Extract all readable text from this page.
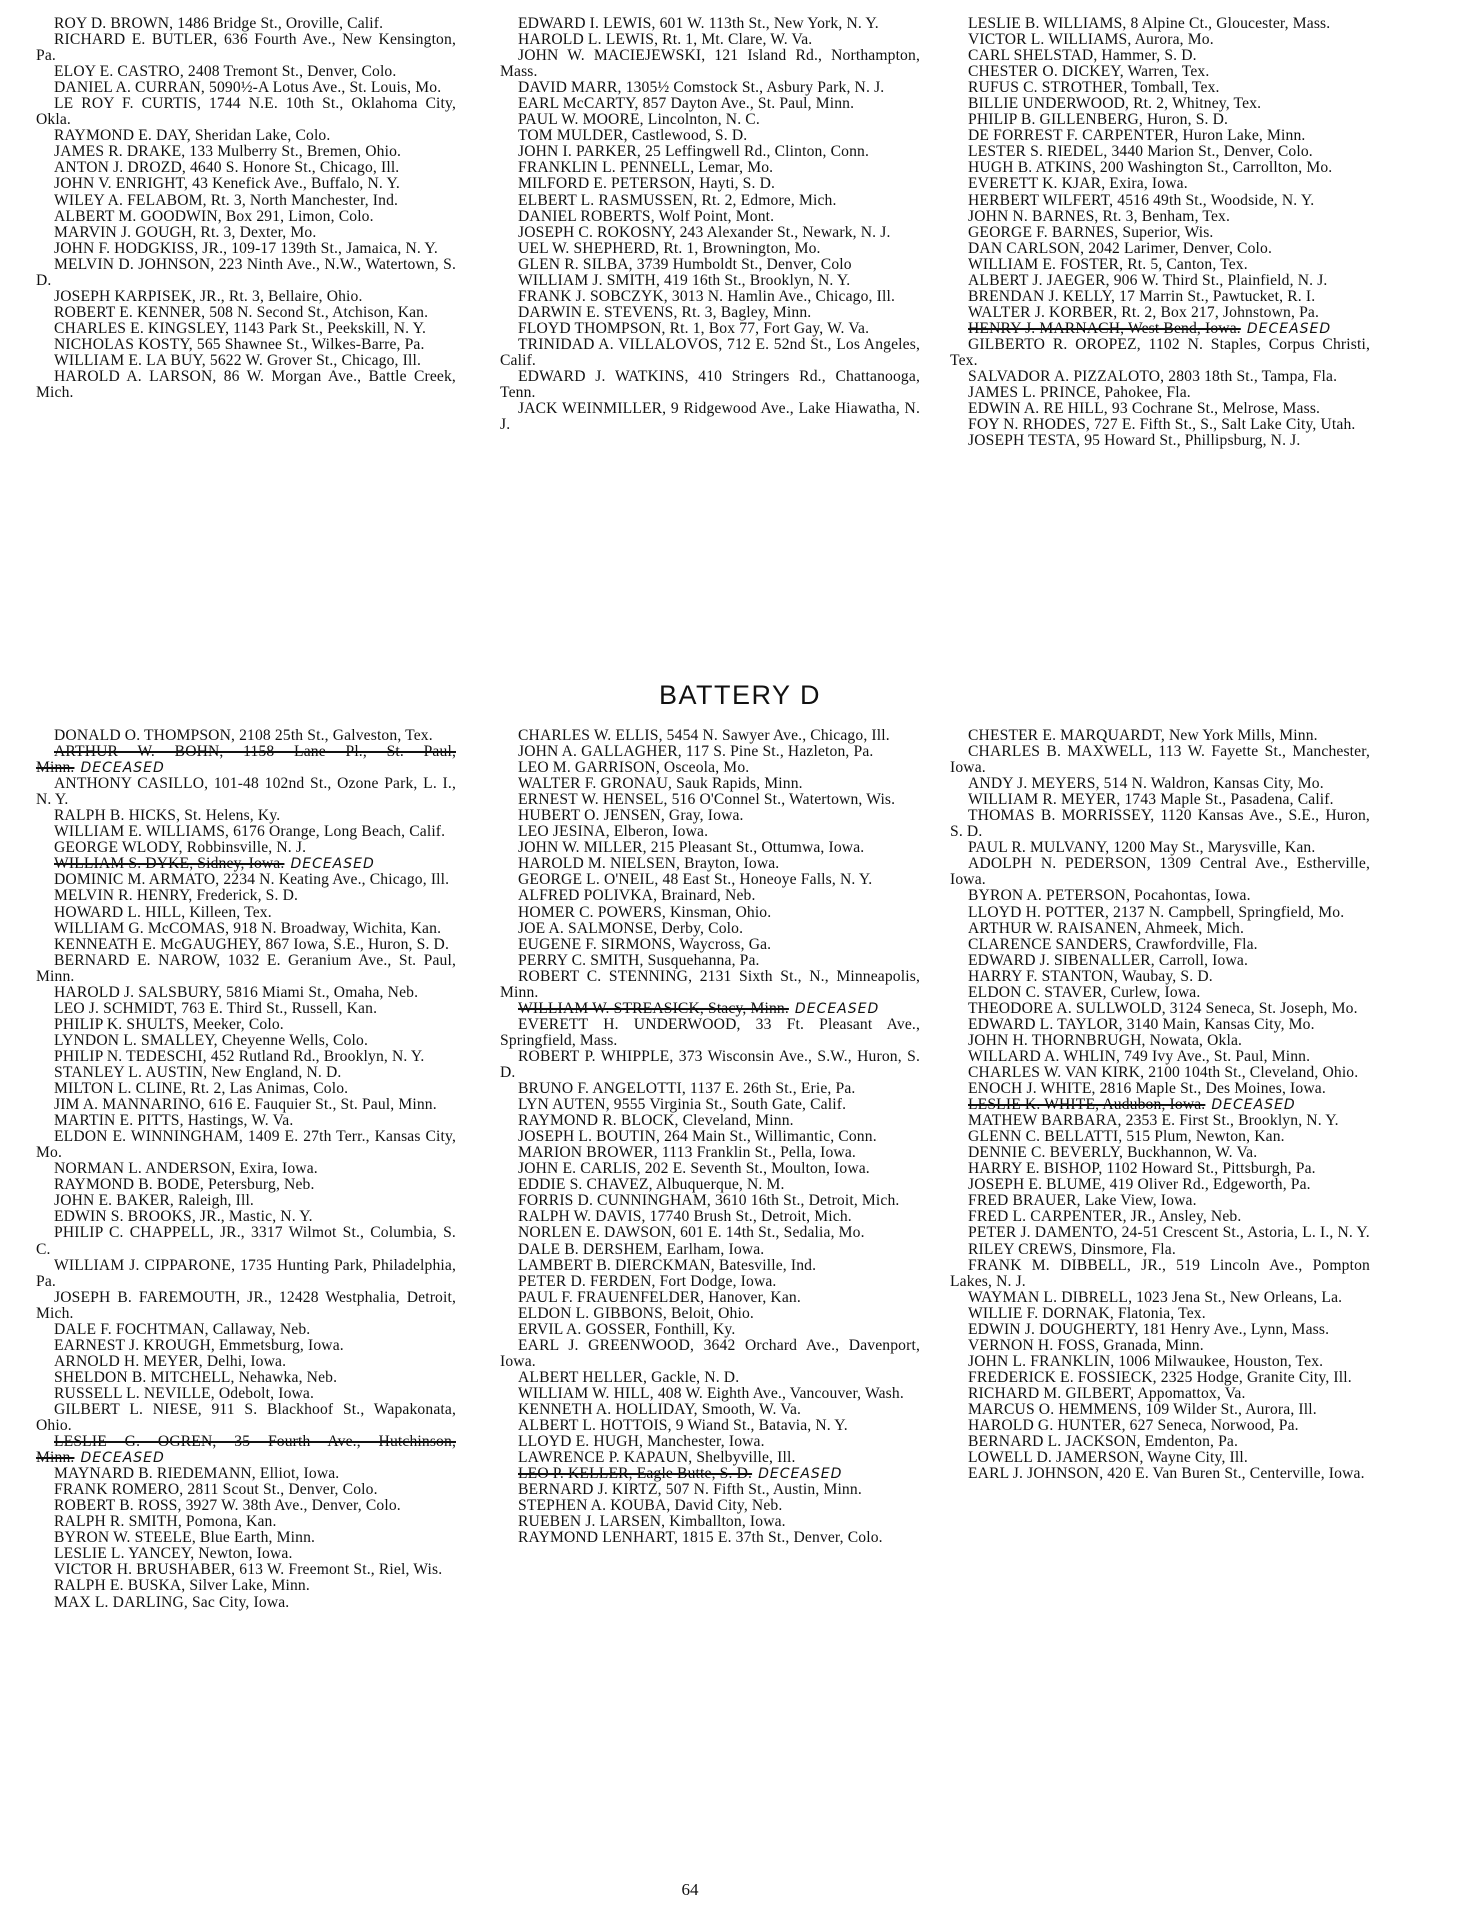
ROY D. BROWN, 1486 Bridge St., Oroville, Calif.

RICHARD E. BUTLER, 636 Fourth Ave., New Kensington, Pa.

ELOY E. CASTRO, 2408 Tremont St., Denver, Colo.

DANIEL A. CURRAN, 5090½-A Lotus Ave., St. Louis, Mo.

LE ROY F. CURTIS, 1744 N.E. 10th St., Oklahoma City, Okla.

RAYMOND E. DAY, Sheridan Lake, Colo.

JAMES R. DRAKE, 133 Mulberry St., Bremen, Ohio.

ANTON J. DROZD, 4640 S. Honore St., Chicago, Ill.

JOHN V. ENRIGHT, 43 Kenefick Ave., Buffalo, N. Y.

WILEY A. FELABOM, Rt. 3, North Manchester, Ind.

ALBERT M. GOODWIN, Box 291, Limon, Colo.

MARVIN J. GOUGH, Rt. 3, Dexter, Mo.

JOHN F. HODGKISS, JR., 109-17 139th St., Jamaica, N. Y.

MELVIN D. JOHNSON, 223 Ninth Ave., N.W., Watertown, S. D.

JOSEPH KARPISEK, JR., Rt. 3, Bellaire, Ohio.

ROBERT E. KENNER, 508 N. Second St., Atchison, Kan.

CHARLES E. KINGSLEY, 1143 Park St., Peekskill, N. Y.

NICHOLAS KOSTY, 565 Shawnee St., Wilkes-Barre, Pa.

WILLIAM E. LA BUY, 5622 W. Grover St., Chicago, Ill.

HAROLD A. LARSON, 86 W. Morgan Ave., Battle Creek, Mich.

EDWARD I. LEWIS, 601 W. 113th St., New York, N. Y.

HAROLD L. LEWIS, Rt. 1, Mt. Clare, W. Va.

JOHN W. MACIEJEWSKI, 121 Island Rd., Northampton, Mass.

DAVID MARR, 1305½ Comstock St., Asbury Park, N. J.

EARL McCARTY, 857 Dayton Ave., St. Paul, Minn.

PAUL W. MOORE, Lincolnton, N. C.

TOM MULDER, Castlewood, S. D.

JOHN I. PARKER, 25 Leffingwell Rd., Clinton, Conn.

FRANKLIN L. PENNELL, Lemar, Mo.

MILFORD E. PETERSON, Hayti, S. D.

ELBERT L. RASMUSSEN, Rt. 2, Edmore, Mich.

DANIEL ROBERTS, Wolf Point, Mont.

JOSEPH C. ROKOSNY, 243 Alexander St., Newark, N. J.

UEL W. SHEPHERD, Rt. 1, Browningt​on, Mo.

GLEN R. SILBA, 3739 Humboldt St., Denver, Colo

WILLIAM J. SMITH, 419 16th St., Brooklyn, N. Y.

FRANK J. SOBCZYK, 3013 N. Hamlin Ave., Chicago, Ill.

DARWIN E. STEVENS, Rt. 3, Bagley, Minn.

FLOYD THOMPSON, Rt. 1, Box 77, Fort Gay, W. Va.

TRINIDAD A. VILLALOVOS, 712 E. 52nd St., Los Angeles, Calif.

EDWARD J. WATKINS, 410 Stringers Rd., Chattanooga, Tenn.

JACK WEINMILLER, 9 Ridgewood Ave., Lake Hiawatha, N. J.

LESLIE B. WILLIAMS, 8 Alpine Ct., Gloucester, Mass.

VICTOR L. WILLIAMS, Aurora, Mo.

CARL SHELSTAD, Hammer, S. D.

CHESTER O. DICKEY, Warren, Tex.

RUFUS C. STROTHER, Tomball, Tex.

BILLIE UNDERWOOD, Rt. 2, Whitney, Tex.

PHILIP B. GILLENBERG, Huron, S. D.

DE FORREST F. CARPENTER, Huron Lake, Minn.

LESTER S. RIEDEL, 3440 Marion St., Denver, Colo.

HUGH B. ATKINS, 200 Washington St., Carrollton, Mo.

EVERETT K. KJAR, Exira, Iowa.

HERBERT WILFERT, 4516 49th St., Woodside, N. Y.

JOHN N. BARNES, Rt. 3, Benham, Tex.

GEORGE F. BARNES, Superior, Wis.

DAN CARLSON, 2042 Larimer, Denver, Colo.

WILLIAM E. FOSTER, Rt. 5, Canton, Tex.

ALBERT J. JAEGER, 906 W. Third St., Plainfield, N. J.

BRENDAN J. KELLY, 17 Marrin St., Pawtucket, R. I.

WALTER J. KORBER, Rt. 2, Box 217, Johnstown, Pa.

HENRY J. MARNACH, West Bend, Iowa. DECEASED

GILBERTO R. OROPEZ, 1102 N. Staples, Corpus Christi, Tex.

SALVADOR A. PIZZALOTO, 2803 18th St., Tampa, Fla.

JAMES L. PRINCE, Pahokee, Fla.

EDWIN A. RE HILL, 93 Cochrane St., Melrose, Mass.

FOY N. RHODES, 727 E. Fifth St., S., Salt Lake City, Utah.

JOSEPH TESTA, 95 Howard St., Phillipsburg, N. J.

BATTERY D

DONALD O. THOMPSON, 2108 25th St., Galveston, Tex.

ARTHUR W. BOHN, 1158 Lane Pl., St. Paul, Minn. DECEASED

ANTHONY CASILLO, 101-48 102nd St., Ozone Park, L. I., N. Y.

RALPH B. HICKS, St. Helens, Ky.

WILLIAM E. WILLIAMS, 6176 Orange, Long Beach, Calif.

GEORGE WLODY, Robbinsville, N. J.

WILLIAM S. DYKE, Sidney, Iowa. DECEASED

DOMINIC M. ARMATO, 2234 N. Keating Ave., Chicago, Ill.

MELVIN R. HENRY, Frederick, S. D.

HOWARD L. HILL, Killeen, Tex.

WILLIAM G. McCOMAS, 918 N. Broadway, Wichita, Kan.

KENNEATH E. McGAUGHEY, 867 Iowa, S.E., Huron, S. D.

BERNARD E. NAROW, 1032 E. Geranium Ave., St. Paul, Minn.

HAROLD J. SALSBURY, 5816 Miami St., Omaha, Neb.

LEO J. SCHMIDT, 763 E. Third St., Russell, Kan.

PHILIP K. SHULTS, Meeker, Colo.

LYNDON L. SMALLEY, Cheyenne Wells, Colo.

PHILIP N. TEDESCHI, 452 Rutland Rd., Brooklyn, N. Y.

STANLEY L. AUSTIN, New England, N. D.

MILTON L. CLINE, Rt. 2, Las Animas, Colo.

JIM A. MANNARINO, 616 E. Fauquier St., St. Paul, Minn.

MARTIN E. PITTS, Hastings, W. Va.

ELDON E. WINNINGHAM, 1409 E. 27th Terr., Kansas City, Mo.

NORMAN L. ANDERSON, Exira, Iowa.

RAYMOND B. BODE, Petersburg, Neb.

JOHN E. BAKER, Raleigh, Ill.

EDWIN S. BROOKS, JR., Mastic, N. Y.

PHILIP C. CHAPPELL, JR., 3317 Wilmot St., Columbia, S. C.

WILLIAM J. CIPPARONE, 1735 Hunting Park, Philadelphia, Pa.

JOSEPH B. FAREMOUTH, JR., 12428 Westphalia, Detroit, Mich.

DALE F. FOCHTMAN, Callaway, Neb.

EARNEST J. KROUGH, Emmetsburg, Iowa.

ARNOLD H. MEYER, Delhi, Iowa.

SHELDON B. MITCHELL, Nehawka, Neb.

RUSSELL L. NEVILLE, Odebolt, Iowa.

GILBERT L. NIESE, 911 S. Blackhoof St., Wapakonata, Ohio.

LESLIE G. OGREN, 35 Fourth Ave., Hutchinson, Minn. DECEASED

MAYNARD B. RIEDEMANN, Elliot, Iowa.

FRANK ROMERO, 2811 Scout St., Denver, Colo.

ROBERT B. ROSS, 3927 W. 38th Ave., Denver, Colo.

RALPH R. SMITH, Pomona, Kan.

BYRON W. STEELE, Blue Earth, Minn.

LESLIE L. YANCEY, Newton, Iowa.

VICTOR H. BRUSHABER, 613 W. Freemont St., Riel, Wis.

RALPH E. BUSKA, Silver Lake, Minn.

MAX L. DARLING, Sac City, Iowa.

CHARLES W. ELLIS, 5454 N. Sawyer Ave., Chicago, Ill.

JOHN A. GALLAGHER, 117 S. Pine St., Hazleton, Pa.

LEO M. GARRISON, Osceola, Mo.

WALTER F. GRONAU, Sauk Rapids, Minn.

ERNEST W. HENSEL, 516 O'Connel St., Watertown, Wis.

HUBERT O. JENSEN, Gray, Iowa.

LEO JESINA, Elberon, Iowa.

JOHN W. MILLER, 215 Pleasant St., Ottumwa, Iowa.

HAROLD M. NIELSEN, Brayton, Iowa.

GEORGE L. O'NEIL, 48 East St., Honeoye Falls, N. Y.

ALFRED POLIVKA, Brainard, Neb.

HOMER C. POWERS, Kinsman, Ohio.

JOE A. SALMONSE, Derby, Colo.

EUGENE F. SIRMONS, Waycross, Ga.

PERRY C. SMITH, Susquehanna, Pa.

ROBERT C. STENNING, 2131 Sixth St., N., Minneapolis, Minn.

WILLIAM W. STREASICK, Stacy, Minn. DECEASED

EVERETT H. UNDERWOOD, 33 Ft. Pleasant Ave., Springfield, Mass.

ROBERT P. WHIPPLE, 373 Wisconsin Ave., S.W., Huron, S. D.

BRUNO F. ANGELOTTI, 1137 E. 26th St., Erie, Pa.

LYN AUTEN, 9555 Virginia St., South Gate, Calif.

RAYMOND R. BLOCK, Cleveland, Minn.

JOSEPH L. BOUTIN, 264 Main St., Willimantic, Conn.

MARION BROWER, 1113 Franklin St., Pella, Iowa.

JOHN E. CARLIS, 202 E. Seventh St., Moulton, Iowa.

EDDIE S. CHAVEZ, Albuquerque, N. M.

FORRIS D. CUNNINGHAM, 3610 16th St., Detroit, Mich.

RALPH W. DAVIS, 17740 Brush St., Detroit, Mich.

NORLEN E. DAWSON, 601 E. 14th St., Sedalia, Mo.

DALE B. DERSHEM, Earlham, Iowa.

LAMBERT B. DIERCKMAN, Batesville, Ind.

PETER D. FERDEN, Fort Dodge, Iowa.

PAUL F. FRAUENFELDER, Hanover, Kan.

ELDON L. GIBBONS, Beloit, Ohio.

ERVIL A. GOSSER, Fonthill, Ky.

EARL J. GREENWOOD, 3642 Orchard Ave., Davenport, Iowa.

ALBERT HELLER, Gackle, N. D.

WILLIAM W. HILL, 408 W. Eighth Ave., Vancouver, Wash.

KENNETH A. HOLLIDAY, Smooth, W. Va.

ALBERT L. HOTTOIS, 9 Wiand St., Batavia, N. Y.

LLOYD E. HUGH, Manchester, Iowa.

LAWRENCE P. KAPAUN, Shelbyville, Ill.

LEO P. KELLER, Eagle Butte, S. D. DECEASED

BERNARD J. KIRTZ, 507 N. Fifth St., Austin, Minn.

STEPHEN A. KOUBA, David City, Neb.

RUEBEN J. LARSEN, Kimballton, Iowa.

RAYMOND LENHART, 1815 E. 37th St., Denver, Colo.

CHESTER E. MARQUARDT, New York Mills, Minn.

CHARLES B. MAXWELL, 113 W. Fayette St., Manchester, Iowa.

ANDY J. MEYERS, 514 N. Waldron, Kansas City, Mo.

WILLIAM R. MEYER, 1743 Maple St., Pasadena, Calif.

THOMAS B. MORRISSEY, 1120 Kansas Ave., S.E., Huron, S. D.

PAUL R. MULVANY, 1200 May St., Marysville, Kan.

ADOLPH N. PEDERSON, 1309 Central Ave., Estherville, Iowa.

BYRON A. PETERSON, Pocahontas, Iowa.

LLOYD H. POTTER, 2137 N. Campbell, Springfield, Mo.

ARTHUR W. RAISANEN, Ahmeek, Mich.

CLARENCE SANDERS, Crawfordville, Fla.

EDWARD J. SIBENALLER, Carroll, Iowa.

HARRY F. STANTON, Waubay, S. D.

ELDON C. STAVER, Curlew, Iowa.

THEODORE A. SULLWOLD, 3124 Seneca, St. Joseph, Mo.

EDWARD L. TAYLOR, 3140 Main, Kansas City, Mo.

JOHN H. THORNBRUGH, Nowata, Okla.

WILLARD A. WHLIN, 749 Ivy Ave., St. Paul, Minn.

CHARLES W. VAN KIRK, 2100 104th St., Cleveland, Ohio.

ENOCH J. WHITE, 2816 Maple St., Des Moines, Iowa.

LESLIE K. WHITE, Audubon, Iowa. DECEASED

MATHEW BARBARA, 2353 E. First St., Brooklyn, N. Y.

GLENN C. BELLATTI, 515 Plum, Newton, Kan.

DENNIE C. BEVERLY, Buckhannon, W. Va.

HARRY E. BISHOP, 1102 Howard St., Pittsburgh, Pa.

JOSEPH E. BLUME, 419 Oliver Rd., Edgeworth, Pa.

FRED BRAUER, Lake View, Iowa.

FRED L. CARPENTER, JR., Ansley, Neb.

PETER J. DAMENTO, 24-51 Crescent St., Astoria, L. I., N. Y.

RILEY CREWS, Dinsmore, Fla.

FRANK M. DIBBELL, JR., 519 Lincoln Ave., Pompton Lakes, N. J.

WAYMAN L. DIBRELL, 1023 Jena St., New Orleans, La.

WILLIE F. DORNAK, Flatonia, Tex.

EDWIN J. DOUGHERTY, 181 Henry Ave., Lynn, Mass.

VERNON H. FOSS, Granada, Minn.

JOHN L. FRANKLIN, 1006 Milwaukee, Houston, Tex.

FREDERICK E. FOSSIECK, 2325 Hodge, Granite City, Ill.

RICHARD M. GILBERT, Appomattox, Va.

MARCUS O. HEMMENS, 109 Wilder St., Aurora, Ill.

HAROLD G. HUNTER, 627 Seneca, Norwood, Pa.

BERNARD L. JACKSON, Emdenton, Pa.

LOWELL D. JAMERSON, Wayne City, Ill.

EARL J. JOHNSON, 420 E. Van Buren St., Centerville, Iowa.

64
